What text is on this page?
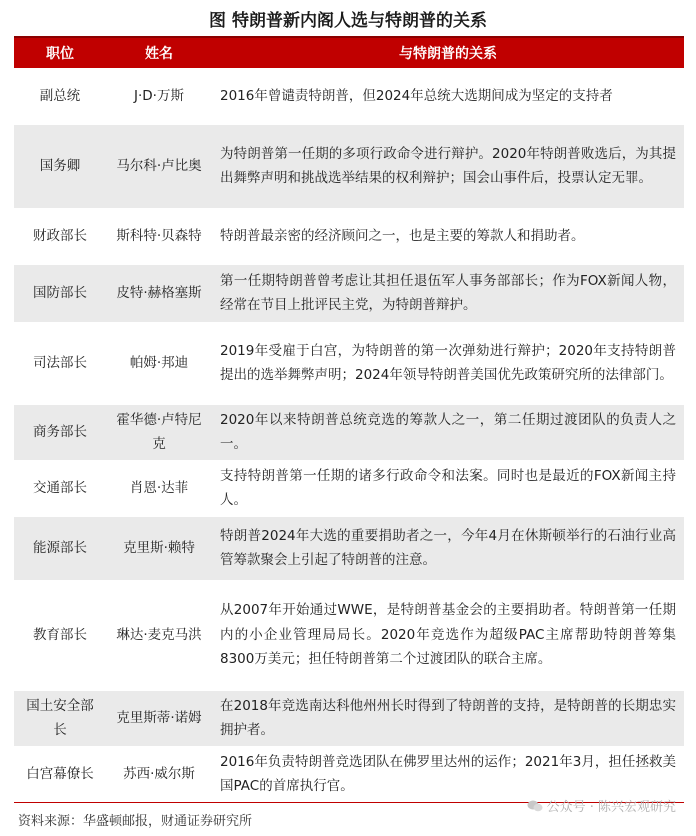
图 特朗普新内阁人选与特朗普的关系
职位	姓名	与特朗普的关系
副总统	J·D·万斯	2016年曾谴责特朗普，但2024年总统大选期间成为坚定的支持者
国务卿	马尔科·卢比奥	为特朗普第一任期的多项行政命令进行辩护。2020年特朗普败选后，为其提出舞弊声明和挑战选举结果的权利辩护；国会山事件后，投票认定无罪。
财政部长	斯科特·贝森特	特朗普最亲密的经济顾问之一，也是主要的筹款人和捐助者。
国防部长	皮特·赫格塞斯	第一任期特朗普曾考虑让其担任退伍军人事务部部长；作为FOX新闻人物，经常在节目上批评民主党，为特朗普辩护。
司法部长	帕姆·邦迪	2019年受雇于白宫，为特朗普的第一次弹劾进行辩护；2020年支持特朗普提出的选举舞弊声明；2024年领导特朗普美国优先政策研究所的法律部门。
商务部长	霍华德·卢特尼克	2020年以来特朗普总统竞选的筹款人之一，第二任期过渡团队的负责人之一。
交通部长	肖恩·达菲	支持特朗普第一任期的诸多行政命令和法案。同时也是最近的FOX新闻主持人。
能源部长	克里斯·赖特	特朗普2024年大选的重要捐助者之一，今年4月在休斯顿举行的石油行业高管筹款聚会上引起了特朗普的注意。
教育部长	琳达·麦克马洪	从2007年开始通过WWE，是特朗普基金会的主要捐助者。特朗普第一任期内的小企业管理局局长。2020年竞选作为超级PAC主席帮助特朗普筹集8300万美元；担任特朗普第二个过渡团队的联合主席。
国土安全部长	克里斯蒂·诺姆	在2018年竞选南达科他州州长时得到了特朗普的支持，是特朗普的长期忠实拥护者。
白宫幕僚长	苏西·威尔斯	2016年负责特朗普竞选团队在佛罗里达州的运作；2021年3月，担任拯救美国PAC的首席执行官。
公众号 · 陈兴宏观研究
资料来源：华盛顿邮报，财通证券研究所
